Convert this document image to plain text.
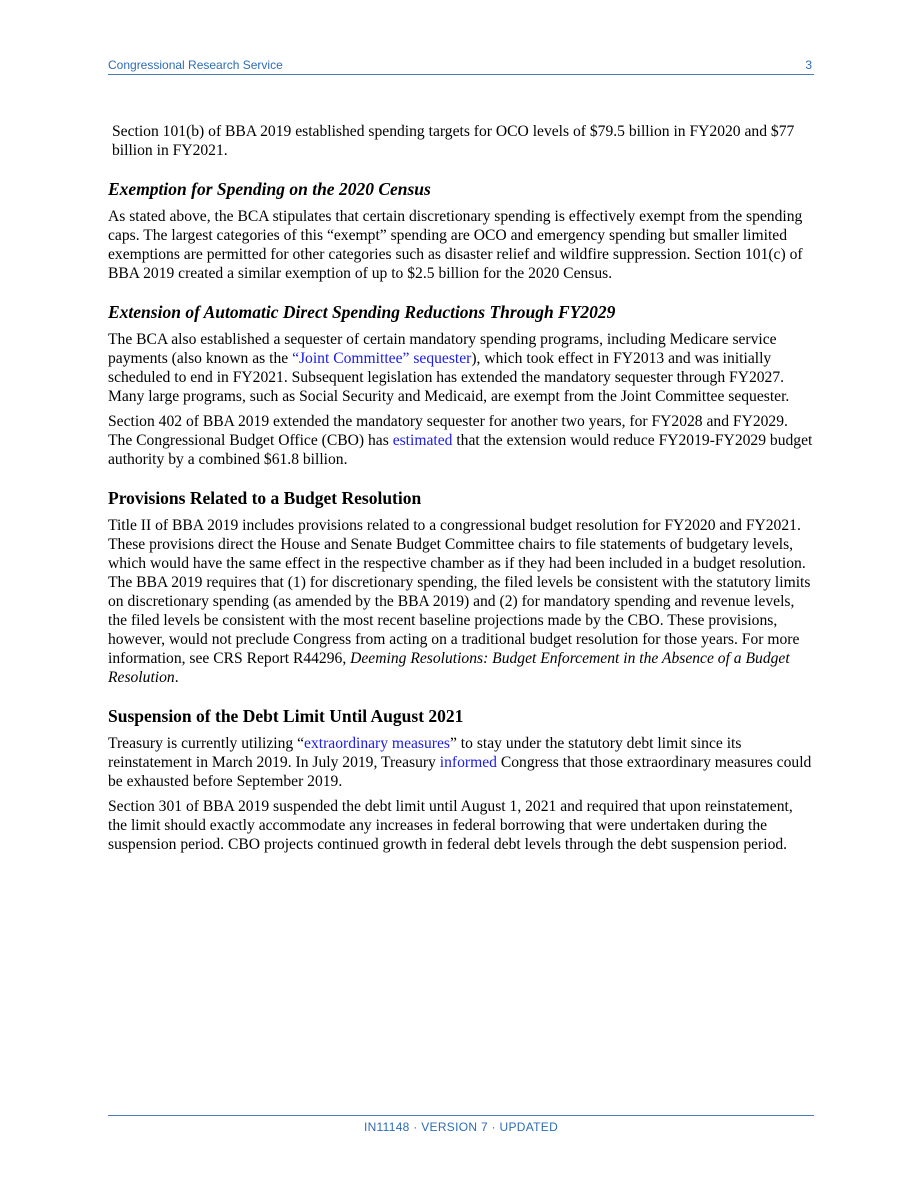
Congressional Research Service	3

Section 101(b) of BBA 2019 established spending targets for OCO levels of $79.5 billion in FY2020 and $77 billion in FY2021.

Exemption for Spending on the 2020 Census

As stated above, the BCA stipulates that certain discretionary spending is effectively exempt from the spending caps. The largest categories of this “exempt” spending are OCO and emergency spending but smaller limited exemptions are permitted for other categories such as disaster relief and wildfire suppression. Section 101(c) of BBA 2019 created a similar exemption of up to $2.5 billion for the 2020 Census.

Extension of Automatic Direct Spending Reductions Through FY2029

The BCA also established a sequester of certain mandatory spending programs, including Medicare service payments (also known as the “Joint Committee” sequester), which took effect in FY2013 and was initially scheduled to end in FY2021. Subsequent legislation has extended the mandatory sequester through FY2027. Many large programs, such as Social Security and Medicaid, are exempt from the Joint Committee sequester.

Section 402 of BBA 2019 extended the mandatory sequester for another two years, for FY2028 and FY2029. The Congressional Budget Office (CBO) has estimated that the extension would reduce FY2019-FY2029 budget authority by a combined $61.8 billion.

Provisions Related to a Budget Resolution

Title II of BBA 2019 includes provisions related to a congressional budget resolution for FY2020 and FY2021. These provisions direct the House and Senate Budget Committee chairs to file statements of budgetary levels, which would have the same effect in the respective chamber as if they had been included in a budget resolution. The BBA 2019 requires that (1) for discretionary spending, the filed levels be consistent with the statutory limits on discretionary spending (as amended by the BBA 2019) and (2) for mandatory spending and revenue levels, the filed levels be consistent with the most recent baseline projections made by the CBO. These provisions, however, would not preclude Congress from acting on a traditional budget resolution for those years. For more information, see CRS Report R44296, Deeming Resolutions: Budget Enforcement in the Absence of a Budget Resolution.

Suspension of the Debt Limit Until August 2021

Treasury is currently utilizing “extraordinary measures” to stay under the statutory debt limit since its reinstatement in March 2019. In July 2019, Treasury informed Congress that those extraordinary measures could be exhausted before September 2019.

Section 301 of BBA 2019 suspended the debt limit until August 1, 2021 and required that upon reinstatement, the limit should exactly accommodate any increases in federal borrowing that were undertaken during the suspension period. CBO projects continued growth in federal debt levels through the debt suspension period.

IN11148 · VERSION 7 · UPDATED
